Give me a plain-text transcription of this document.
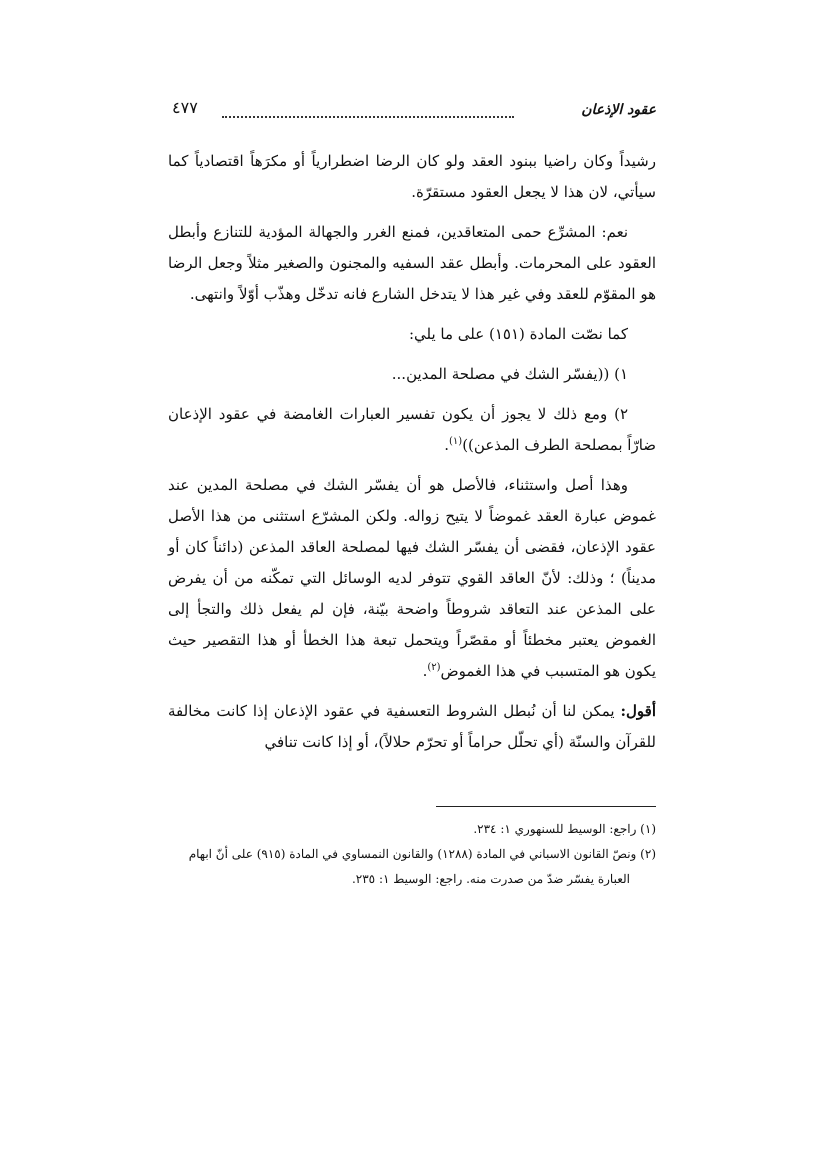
عقود الإذعان
٤٧٧

رشيداً وكان راضيا ببنود العقد ولو كان الرضا اضطرارياً أو مكرَهاً اقتصادياً كما سيأتي، لان هذا لا يجعل العقود مستقرّة.

نعم: المشرِّع حمى المتعاقدين، فمنع الغرر والجهالة المؤدية للتنازع وأبطل العقود على المحرمات. وأبطل عقد السفيه والمجنون والصغير مثلاً وجعل الرضا هو المقوّم للعقد وفي غير هذا لا يتدخل الشارع فانه تدخّل وهذّب أوّلاً وانتهى.

كما نصّت المادة (١٥١) على ما يلي:

١) ((يفسّر الشك في مصلحة المدين...

٢) ومع ذلك لا يجوز أن يكون تفسير العبارات الغامضة في عقود الإذعان ضارّاً بمصلحة الطرف المذعن))$^{(١)}$.

وهذا أصل واستثناء، فالأصل هو أن يفسّر الشك في مصلحة المدين عند غموض عبارة العقد غموضاً لا يتيح زواله. ولكن المشرّع استثنى من هذا الأصل عقود الإذعان، فقضى أن يفسّر الشك فيها لمصلحة العاقد المذعن (دائناً كان أو مديناً) ؛ وذلك: لأنّ العاقد القوي تتوفر لديه الوسائل التي تمكّنه من أن يفرض على المذعن عند التعاقد شروطاً واضحة بيّنة، فإن لم يفعل ذلك والتجأ إلى الغموض يعتبر مخطئاً أو مقصّراً ويتحمل تبعة هذا الخطأ أو هذا التقصير حيث يكون هو المتسبب في هذا الغموض$^{(٢)}$.

أقول: يمكن لنا أن نُبطل الشروط التعسفية في عقود الإذعان إذا كانت مخالفة للقرآن والسنّة (أي تحلّل حراماً أو تحرّم حلالاً)، أو إذا كانت تنافي

(١) راجع: الوسيط للسنهوري ١: ٢٣٤.

(٢) ونصّ القانون الاسباني في المادة (١٢٨٨) والقانون النمساوي في المادة (٩١٥) على أنّ ابهام

العبارة يفسّر ضدّ من صدرت منه. راجع: الوسيط ١: ٢٣٥.
